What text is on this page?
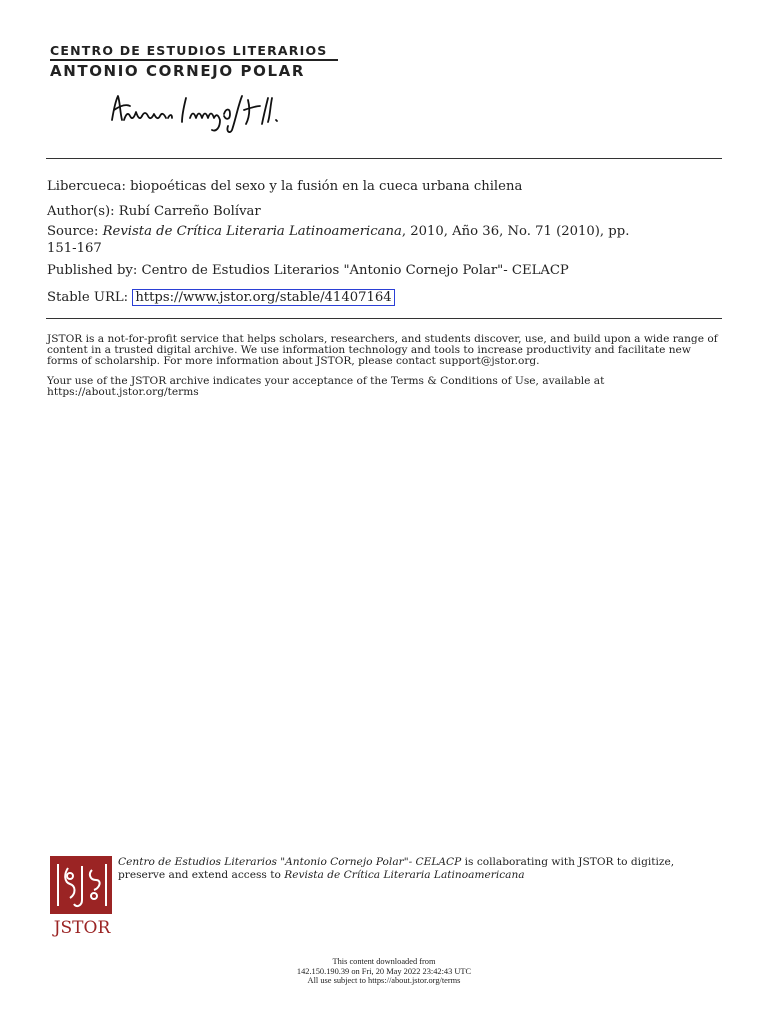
CENTRO DE ESTUDIOS LITERARIOS
ANTONIO CORNEJO POLAR
Libercueca: biopoéticas del sexo y la fusión en la cueca urbana chilena
Author(s): Rubí Carreño Bolívar
Source: Revista de Crítica Literaria Latinoamericana, 2010, Año 36, No. 71 (2010), pp.
151-167
Published by: Centro de Estudios Literarios "Antonio Cornejo Polar"- CELACP
Stable URL: https://www.jstor.org/stable/41407164
JSTOR is a not-for-profit service that helps scholars, researchers, and students discover, use, and build upon a wide range of content in a trusted digital archive. We use information technology and tools to increase productivity and facilitate new forms of scholarship. For more information about JSTOR, please contact support@jstor.org.
Your use of the JSTOR archive indicates your acceptance of the Terms & Conditions of Use, available at
https://about.jstor.org/terms
JSTOR
Centro de Estudios Literarios "Antonio Cornejo Polar"- CELACP is collaborating with JSTOR to digitize, preserve and extend access to Revista de Crítica Literaria Latinoamericana
This content downloaded from
142.150.190.39 on Fri, 20 May 2022 23:42:43 UTC
All use subject to https://about.jstor.org/terms
